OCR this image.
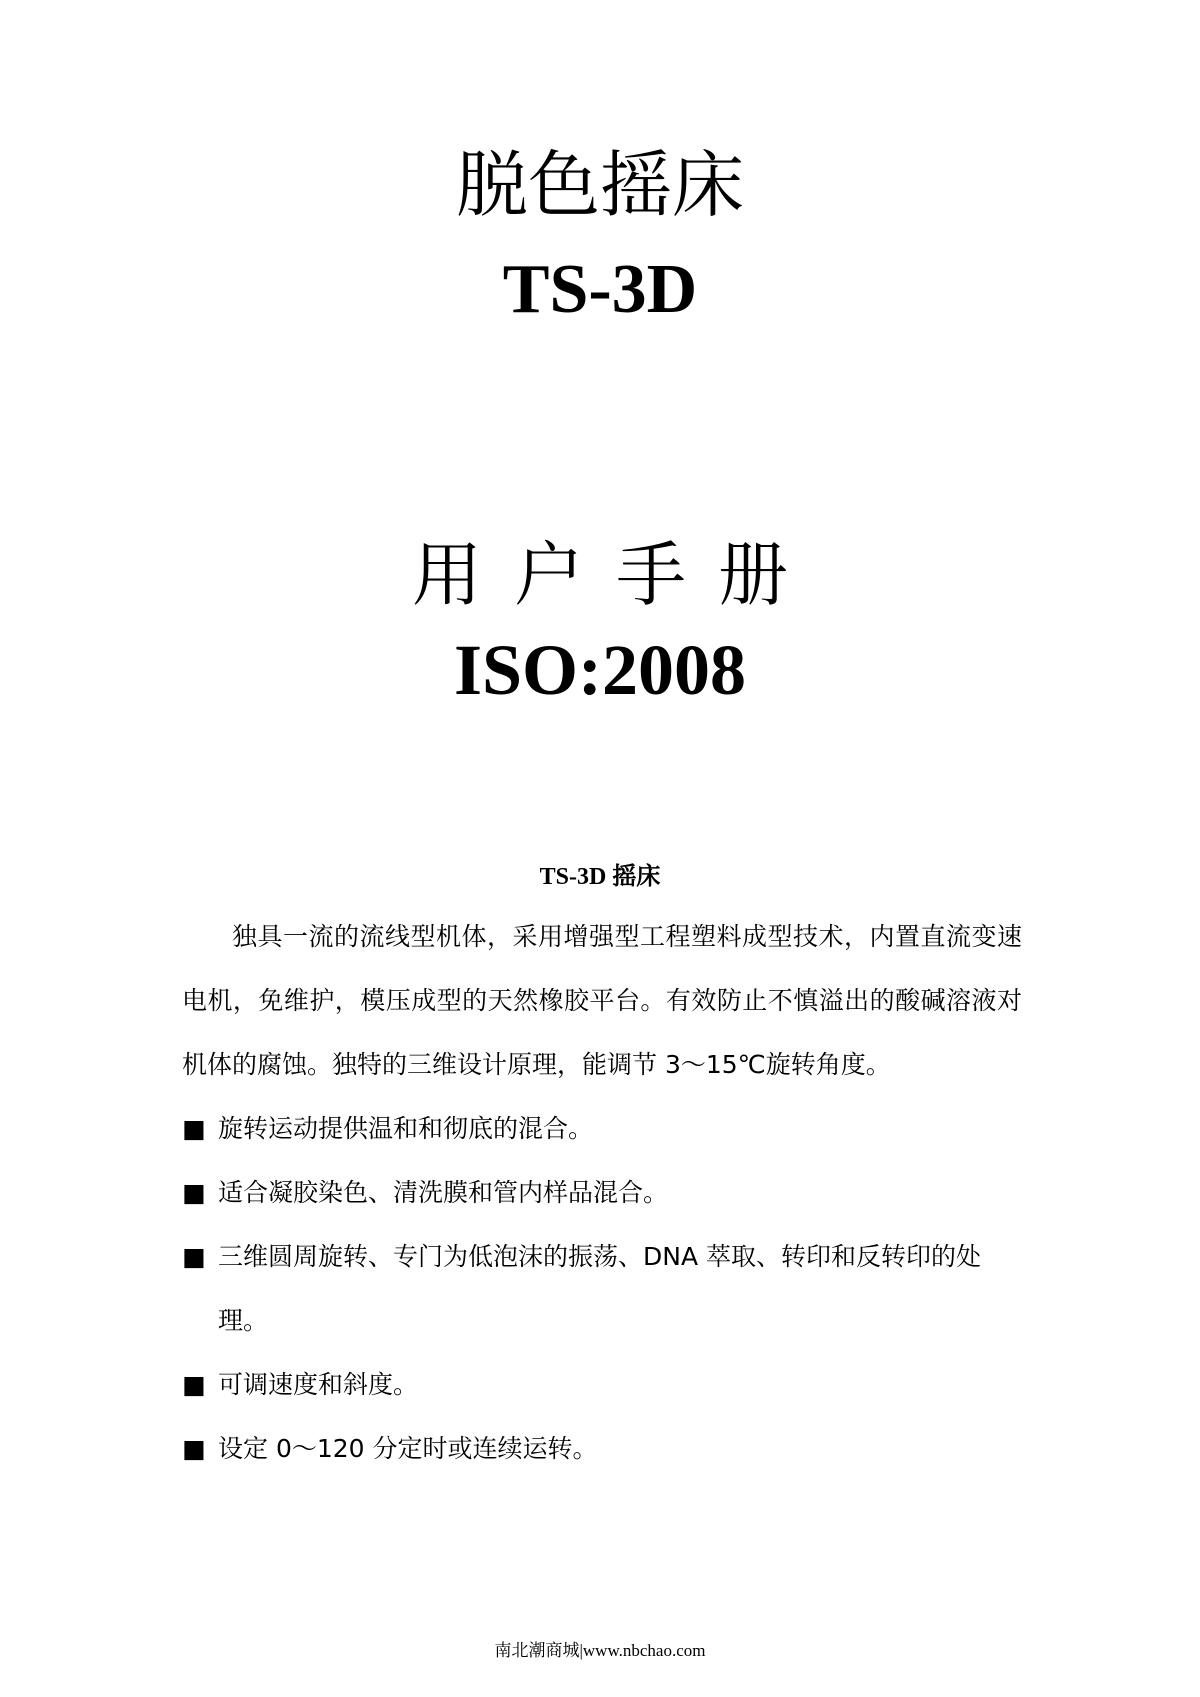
脱色摇床
TS-3D
用户手册
ISO:2008
TS-3D 摇床

独具一流的流线型机体，采用增强型工程塑料成型技术，内置直流变速电机，免维护，模压成型的天然橡胶平台。有效防止不慎溢出的酸碱溶液对机体的腐蚀。独特的三维设计原理，能调节 3～15℃旋转角度。

■ 旋转运动提供温和和彻底的混合。
■ 适合凝胶染色、清洗膜和管内样品混合。
■ 三维圆周旋转、专门为低泡沫的振荡、DNA 萃取、转印和反转印的处理。
■ 可调速度和斜度。
■ 设定 0～120 分定时或连续运转。
南北潮商城|www.nbchao.com
